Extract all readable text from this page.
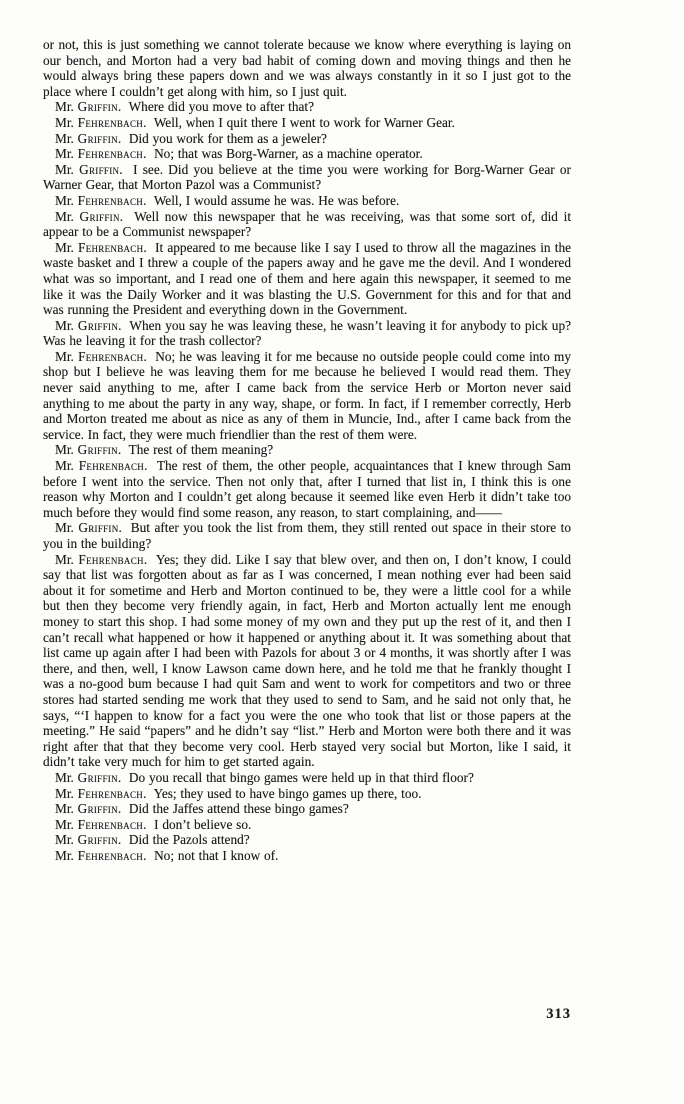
or not, this is just something we cannot tolerate because we know where everything is laying on our bench, and Morton had a very bad habit of coming down and moving things and then he would always bring these papers down and we was always constantly in it so I just got to the place where I couldn’t get along with him, so I just quit.

Mr. Griffin.  Where did you move to after that?

Mr. Fehrenbach.  Well, when I quit there I went to work for Warner Gear.

Mr. Griffin.  Did you work for them as a jeweler?

Mr. Fehrenbach.  No; that was Borg-Warner, as a machine operator.

Mr. Griffin.  I see. Did you believe at the time you were working for Borg-Warner Gear or Warner Gear, that Morton Pazol was a Communist?

Mr. Fehrenbach.  Well, I would assume he was. He was before.

Mr. Griffin.  Well now this newspaper that he was receiving, was that some sort of, did it appear to be a Communist newspaper?

Mr. Fehrenbach.  It appeared to me because like I say I used to throw all the magazines in the waste basket and I threw a couple of the papers away and he gave me the devil. And I wondered what was so important, and I read one of them and here again this newspaper, it seemed to me like it was the Daily Worker and it was blasting the U.S. Government for this and for that and was running the President and everything down in the Government.

Mr. Griffin.  When you say he was leaving these, he wasn’t leaving it for anybody to pick up? Was he leaving it for the trash collector?

Mr. Fehrenbach.  No; he was leaving it for me because no outside people could come into my shop but I believe he was leaving them for me because he believed I would read them. They never said anything to me, after I came back from the service Herb or Morton never said anything to me about the party in any way, shape, or form. In fact, if I remember correctly, Herb and Morton treated me about as nice as any of them in Muncie, Ind., after I came back from the service. In fact, they were much friendlier than the rest of them were.

Mr. Griffin.  The rest of them meaning?

Mr. Fehrenbach.  The rest of them, the other people, acquaintances that I knew through Sam before I went into the service. Then not only that, after I turned that list in, I think this is one reason why Morton and I couldn’t get along because it seemed like even Herb it didn’t take too much before they would find some reason, any reason, to start complaining, and——

Mr. Griffin.  But after you took the list from them, they still rented out space in their store to you in the building?

Mr. Fehrenbach.  Yes; they did. Like I say that blew over, and then on, I don’t know, I could say that list was forgotten about as far as I was concerned, I mean nothing ever had been said about it for sometime and Herb and Morton continued to be, they were a little cool for a while but then they become very friendly again, in fact, Herb and Morton actually lent me enough money to start this shop. I had some money of my own and they put up the rest of it, and then I can’t recall what happened or how it happened or anything about it. It was something about that list came up again after I had been with Pazols for about 3 or 4 months, it was shortly after I was there, and then, well, I know Lawson came down here, and he told me that he frankly thought I was a no-good bum because I had quit Sam and went to work for competitors and two or three stores had started sending me work that they used to send to Sam, and he said not only that, he says, “‘I happen to know for a fact you were the one who took that list or those papers at the meeting.” He said “papers” and he didn’t say “list.” Herb and Morton were both there and it was right after that that they become very cool. Herb stayed very social but Morton, like I said, it didn’t take very much for him to get started again.

Mr. Griffin.  Do you recall that bingo games were held up in that third floor?

Mr. Fehrenbach.  Yes; they used to have bingo games up there, too.

Mr. Griffin.  Did the Jaffes attend these bingo games?

Mr. Fehrenbach.  I don’t believe so.

Mr. Griffin.  Did the Pazols attend?

Mr. Fehrenbach.  No; not that I know of.

313
